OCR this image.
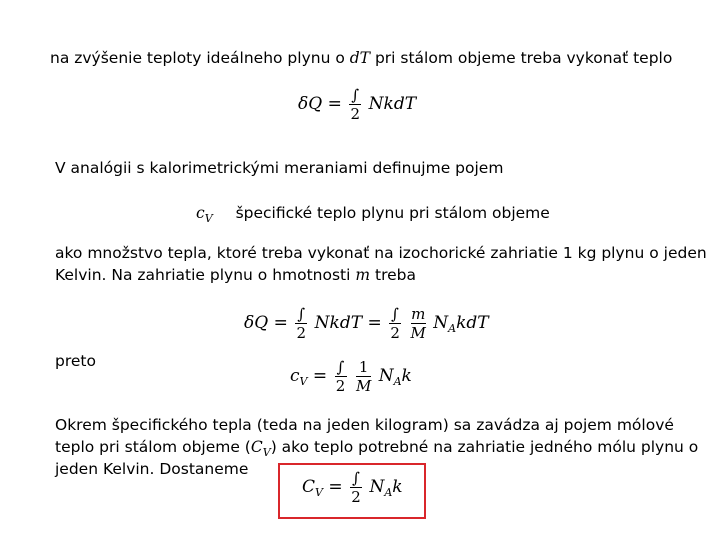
na zvýšenie teploty ideálneho plynu o dT pri stálom objeme treba vykonať teplo
$\delta Q = \frac{\int}{2}$ NkdT
V analógii s kalorimetrickými meraniami definujme pojem
$c_V$ špecifické teplo plynu pri stálom objeme
ako množstvo tepla, ktoré treba vykonať na izochorické zahriatie 1 kg plynu o jeden
Kelvin. Na zahriatie plynu o hmotnosti m treba
$\delta Q = \frac{\int}{2}$ NkdT = $\frac{\int}{2}$
$\frac{m}{M} N_AkdT$
preto
$c_V = \frac{\int}{2}$
$\frac{1}{M} N_Ak$
Okrem špecifického tepla (teda na jeden kilogram) sa zavádza aj pojem mólové
teplo pri stálom objeme $(C_V)$ ako teplo potrebné na zahriatie jedného mólu plynu o
jeden Kelvin. Dostaneme
$C_V = \frac{\int}{2} N_Ak$
